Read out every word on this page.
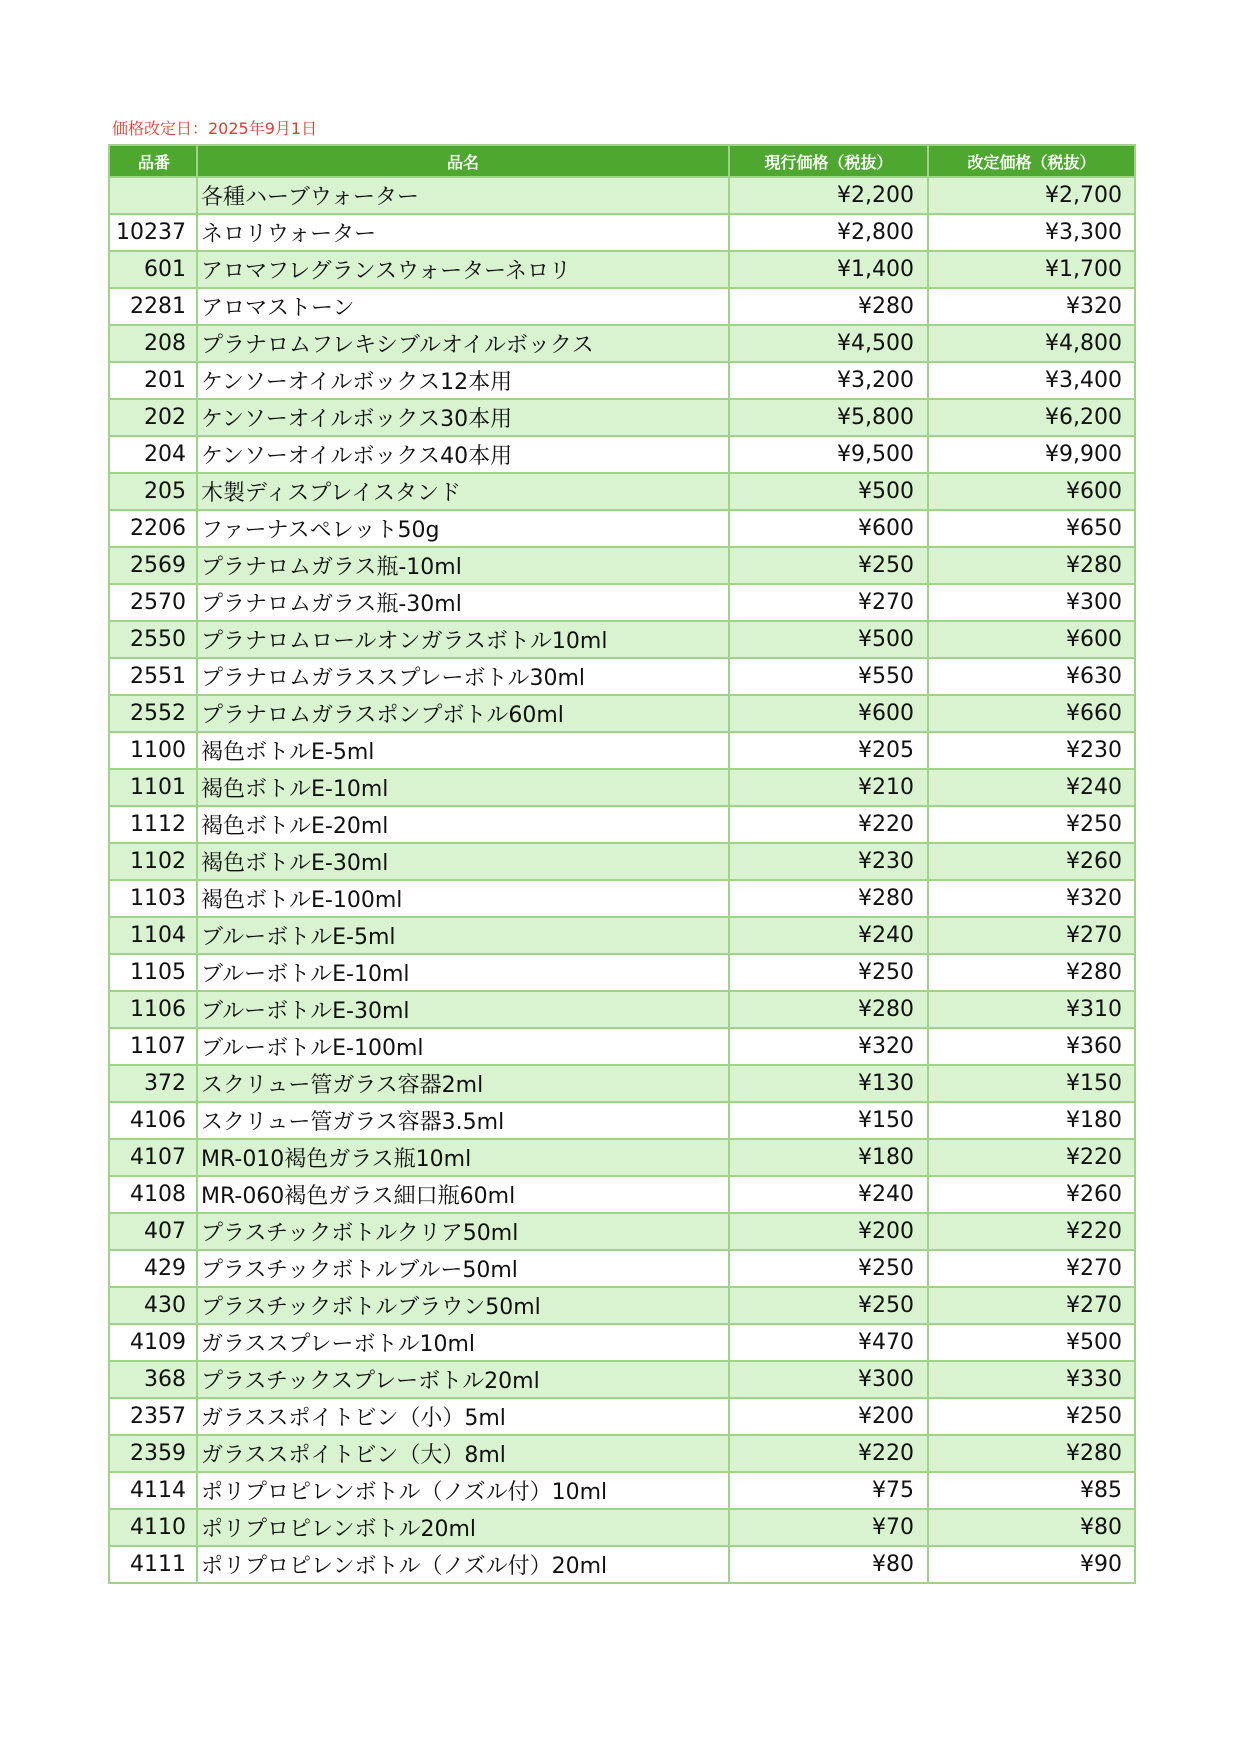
価格改定日：2025年9月1日
品番	品名	現行価格（税抜）	改定価格（税抜）
	各種ハーブウォーター	¥2,200	¥2,700
10237	ネロリウォーター	¥2,800	¥3,300
601	アロマフレグランスウォーターネロリ	¥1,400	¥1,700
2281	アロマストーン	¥280	¥320
208	プラナロムフレキシブルオイルボックス	¥4,500	¥4,800
201	ケンソーオイルボックス12本用	¥3,200	¥3,400
202	ケンソーオイルボックス30本用	¥5,800	¥6,200
204	ケンソーオイルボックス40本用	¥9,500	¥9,900
205	木製ディスプレイスタンド	¥500	¥600
2206	ファーナスペレット50g	¥600	¥650
2569	プラナロムガラス瓶-10ml	¥250	¥280
2570	プラナロムガラス瓶-30ml	¥270	¥300
2550	プラナロムロールオンガラスボトル10ml	¥500	¥600
2551	プラナロムガラススプレーボトル30ml	¥550	¥630
2552	プラナロムガラスポンプボトル60ml	¥600	¥660
1100	褐色ボトルE-5ml	¥205	¥230
1101	褐色ボトルE-10ml	¥210	¥240
1112	褐色ボトルE-20ml	¥220	¥250
1102	褐色ボトルE-30ml	¥230	¥260
1103	褐色ボトルE-100ml	¥280	¥320
1104	ブルーボトルE-5ml	¥240	¥270
1105	ブルーボトルE-10ml	¥250	¥280
1106	ブルーボトルE-30ml	¥280	¥310
1107	ブルーボトルE-100ml	¥320	¥360
372	スクリュー管ガラス容器2ml	¥130	¥150
4106	スクリュー管ガラス容器3.5ml	¥150	¥180
4107	MR-010褐色ガラス瓶10ml	¥180	¥220
4108	MR-060褐色ガラス細口瓶60ml	¥240	¥260
407	プラスチックボトルクリア50ml	¥200	¥220
429	プラスチックボトルブルー50ml	¥250	¥270
430	プラスチックボトルブラウン50ml	¥250	¥270
4109	ガラススプレーボトル10ml	¥470	¥500
368	プラスチックスプレーボトル20ml	¥300	¥330
2357	ガラススポイトビン（小）5ml	¥200	¥250
2359	ガラススポイトビン（大）8ml	¥220	¥280
4114	ポリプロピレンボトル（ノズル付）10ml	¥75	¥85
4110	ポリプロピレンボトル20ml	¥70	¥80
4111	ポリプロピレンボトル（ノズル付）20ml	¥80	¥90
